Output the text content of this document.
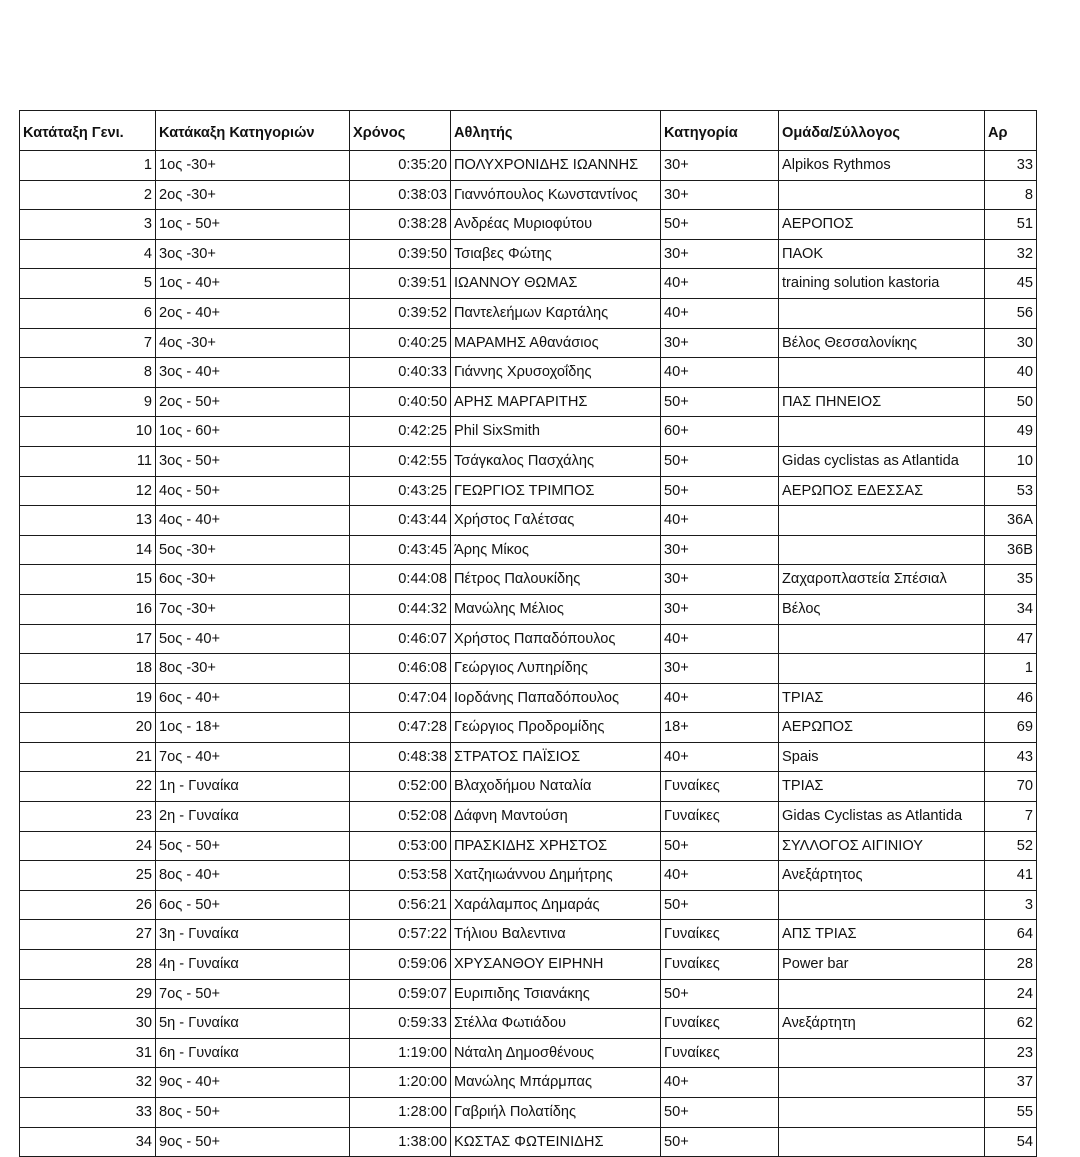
Κατάταξη Γενι.	Κατάκαξη Κατηγοριών	Χρόνος	Αθλητής	Κατηγορία	Ομάδα/Σύλλογος	Αρ
1	1ος -30+	0:35:20	ΠΟΛΥΧΡΟΝΙΔΗΣ ΙΩΑΝΝΗΣ	30+	Alpikos Rythmos	33
2	2ος -30+	0:38:03	Γιαννόπουλος Κωνσταντίνος	30+		8
3	1ος - 50+	0:38:28	Ανδρέας Μυριοφύτου	50+	ΑΕΡΟΠΟΣ	51
4	3ος -30+	0:39:50	Τσιαβες Φώτης	30+	ΠΑΟΚ	32
5	1ος - 40+	0:39:51	ΙΩΑΝΝΟΥ ΘΩΜΑΣ	40+	training solution kastoria	45
6	2ος - 40+	0:39:52	Παντελεήμων Καρτάλης	40+		56
7	4ος -30+	0:40:25	ΜΑΡΑΜΗΣ Αθανάσιος	30+	Βέλος Θεσσαλονίκης	30
8	3ος - 40+	0:40:33	Γιάννης Χρυσοχοΐδης	40+		40
9	2ος - 50+	0:40:50	ΑΡΗΣ ΜΑΡΓΑΡΙΤΗΣ	50+	ΠΑΣ ΠΗΝΕΙΟΣ	50
10	1ος - 60+	0:42:25	Phil SixSmith	60+		49
11	3ος - 50+	0:42:55	Τσάγκαλος Πασχάλης	50+	Gidas cyclistas as Atlantida	10
12	4ος - 50+	0:43:25	ΓΕΩΡΓΙΟΣ ΤΡΙΜΠΟΣ	50+	ΑΕΡΩΠΟΣ ΕΔΕΣΣΑΣ	53
13	4ος - 40+	0:43:44	Χρήστος Γαλέτσας	40+		36A
14	5ος -30+	0:43:45	Άρης Μίκος	30+		36B
15	6ος -30+	0:44:08	Πέτρος Παλουκίδης	30+	Ζαχαροπλαστεία Σπέσιαλ	35
16	7ος -30+	0:44:32	Μανώλης Μέλιος	30+	Βέλος	34
17	5ος - 40+	0:46:07	Χρήστος Παπαδόπουλος	40+		47
18	8ος -30+	0:46:08	Γεώργιος Λυπηρίδης	30+		1
19	6ος - 40+	0:47:04	Ιορδάνης Παπαδόπουλος	40+	ΤΡΙΑΣ	46
20	1ος - 18+	0:47:28	Γεώργιος Προδρομίδης	18+	ΑΕΡΩΠΟΣ	69
21	7ος - 40+	0:48:38	ΣΤΡΑΤΟΣ ΠΑΪΣΙΟΣ	40+	Spais	43
22	1η - Γυναίκα	0:52:00	Βλαχοδήμου Ναταλία	Γυναίκες	ΤΡΙΑΣ	70
23	2η - Γυναίκα	0:52:08	Δάφνη Μαντούση	Γυναίκες	Gidas Cyclistas as Atlantida	7
24	5ος - 50+	0:53:00	ΠΡΑΣΚΙΔΗΣ ΧΡΗΣΤΟΣ	50+	ΣΥΛΛΟΓΟΣ ΑΙΓΙΝΙΟΥ	52
25	8ος - 40+	0:53:58	Χατζηιωάννου Δημήτρης	40+	Ανεξάρτητος	41
26	6ος - 50+	0:56:21	Χαράλαμπος Δημαράς	50+		3
27	3η - Γυναίκα	0:57:22	Τήλιου Βαλεντινα	Γυναίκες	ΑΠΣ ΤΡΙΑΣ	64
28	4η - Γυναίκα	0:59:06	ΧΡΥΣΑΝΘΟΥ ΕΙΡΗΝΗ	Γυναίκες	Power bar	28
29	7ος - 50+	0:59:07	Ευριπιδης Τσιανάκης	50+		24
30	5η - Γυναίκα	0:59:33	Στέλλα Φωτιάδου	Γυναίκες	Ανεξάρτητη	62
31	6η - Γυναίκα	1:19:00	Νάταλη Δημοσθένους	Γυναίκες		23
32	9ος - 40+	1:20:00	Μανώλης Μπάρμπας	40+		37
33	8ος - 50+	1:28:00	Γαβριήλ Πολατίδης	50+		55
34	9ος - 50+	1:38:00	ΚΩΣΤΑΣ ΦΩΤΕΙΝΙΔΗΣ	50+		54
